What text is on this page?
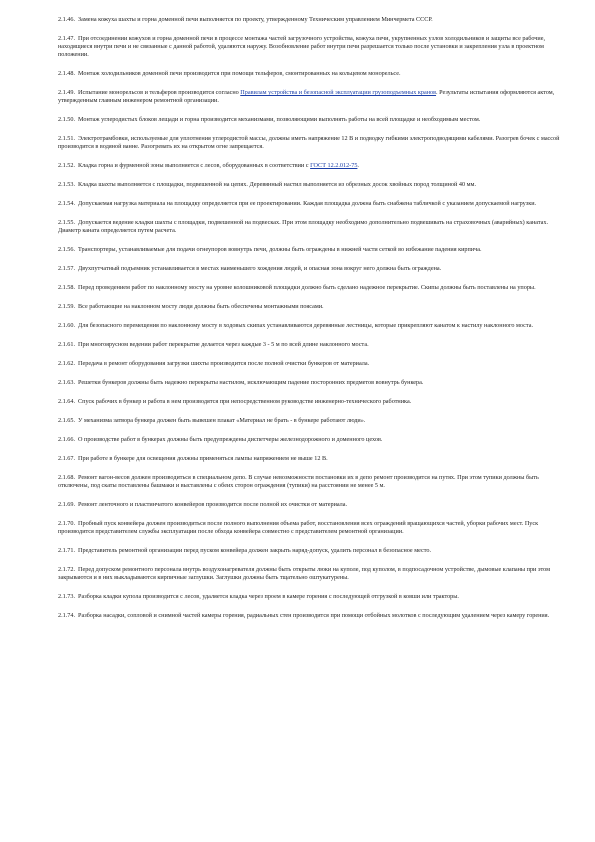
2.1.46. Замена кожуха шахты и горна доменной печи выполняется по проекту, утвержденному Техническим управлением Минчермета СССР.

2.1.47. При отсоединении кожухов и горна доменной печи в процессе монтажа частей загрузочного устройства, кожуха печи, укрупненных узлов холодильников и защиты все рабочие, находящиеся внутри печи и не связанные с данной работой, удаляются наружу. Возобновление работ внутри печи разрешается только после установки и закрепления узла в проектном положении.

2.1.48. Монтаж холодильников доменной печи производится при помощи тельферов, смонтированных на кольцевом монорельсе.

2.1.49. Испытание монорельсов и тельферов производится согласно Правилам устройства и безопасной эксплуатации грузоподъемных кранов. Результаты испытания оформляются актом, утвержденным главным инженером ремонтной организации.

2.1.50. Монтаж углеродистых блоков лещади и горна производится механизмами, позволяющими выполнять работы на всей площадке и необходимым местом.

2.1.51. Электротрамбовки, используемые для уплотнения углеродистой массы, должны иметь напряжение 12 В и подводку гибкими электроподводящими кабелями. Разогрев бочек с массой производится в водяной ванне. Разогревать их на открытом огне запрещается.

2.1.52. Кладка горна и фурменной зоны выполняется с лесов, оборудованных в соответствии с ГОСТ 12.2.012-75.

2.1.53. Кладка шахты выполняется с площадки, подвешенной на цепях. Деревянный настил выполняется из обрезных досок хвойных пород толщиной 40 мм.

2.1.54. Допускаемая нагрузка материала на площадку определяется при ее проектировании. Каждая площадка должна быть снабжена табличкой с указанием допускаемой нагрузки.

2.1.55. Допускается ведение кладки шахты с площадки, подвешенной на подвесках. При этом площадку необходимо дополнительно подвешивать на страховочных (аварийных) канатах. Диаметр каната определяется путем расчета.

2.1.56. Транспортеры, устанавливаемые для подачи огнеупоров вовнутрь печи, должны быть ограждены в нижней части сеткой во избежание падения кирпича.

2.1.57. Двухпутчатный подъемник устанавливается в местах наименьшего хождения людей, и опасная зона вокруг него должна быть ограждена.

2.1.58. Перед проведением работ по наклонному мосту на уровне колошниковой площадки должно быть сделано надежное перекрытие. Скипы должны быть поставлены на упоры.

2.1.59. Все работающие на наклонном мосту люди должны быть обеспечены монтажными поясами.

2.1.60. Для безопасного перемещения по наклонному мосту в ходовых скипах устанавливаются деревянные лестницы, которые прикрепляют канатом к настилу наклонного моста.

2.1.61. При многоярусном ведении работ перекрытие делается через каждые 3 - 5 м по всей длине наклонного моста.

2.1.62. Передача в ремонт оборудования загрузки шихты производится после полной очистки бункеров от материала.

2.1.63. Решетки бункеров должны быть надежно перекрыты настилом, исключающим падение посторонних предметов вовнутрь бункера.

2.1.64. Спуск рабочих в бункер и работа в нем производятся при непосредственном руководстве инженерно-технического работника.

2.1.65. У механизма затвора бункера должен быть вывешен плакат «Материал не брать - в бункере работают люди».

2.1.66. О производстве работ в бункерах должны быть предупреждены диспетчеры железнодорожного и доменного цехов.

2.1.67. При работе в бункере для освещения должны применяться лампы напряжением не выше 12 В.

2.1.68. Ремонт вагон-весов должен производиться в специальном депо. В случае невозможности постановки их в депо ремонт производится на путях. При этом тупики должны быть отключены, под скаты поставлены башмаки и выставлены с обеих сторон ограждения (тупики) на расстоянии не менее 5 м.

2.1.69. Ремонт ленточного и пластинчатого конвейеров производится после полной их очистки от материала.

2.1.70. Пробный пуск конвейера должен производиться после полного выполнения объема работ, восстановления всех ограждений вращающихся частей, уборки рабочих мест. Пуск производится представителем службы эксплуатации после обхода конвейера совместно с представителем ремонтной организации.

2.1.71. Представитель ремонтной организации перед пуском конвейера должен закрыть наряд-допуск, удалить персонал в безопасное место.

2.1.72. Перед допуском ремонтного персонала внутрь воздухонагревателя должны быть открыты люки на куполе, под куполом, в подпосадочном устройстве, дымовые клапаны при этом закрываются и в них выкладываются кирпичные заглушки. Заглушки должны быть тщательно оштукатурены.

2.1.73. Разборка кладки купола производится с лесов, удаляется кладка через проем в камере горения с последующей отгрузкой в ковши или тракторы.

2.1.74. Разборка насадки, сопловой и снимной частей камеры горения, радиальных стен производится при помощи отбойных молотков с последующим удалением через камеру горения.
